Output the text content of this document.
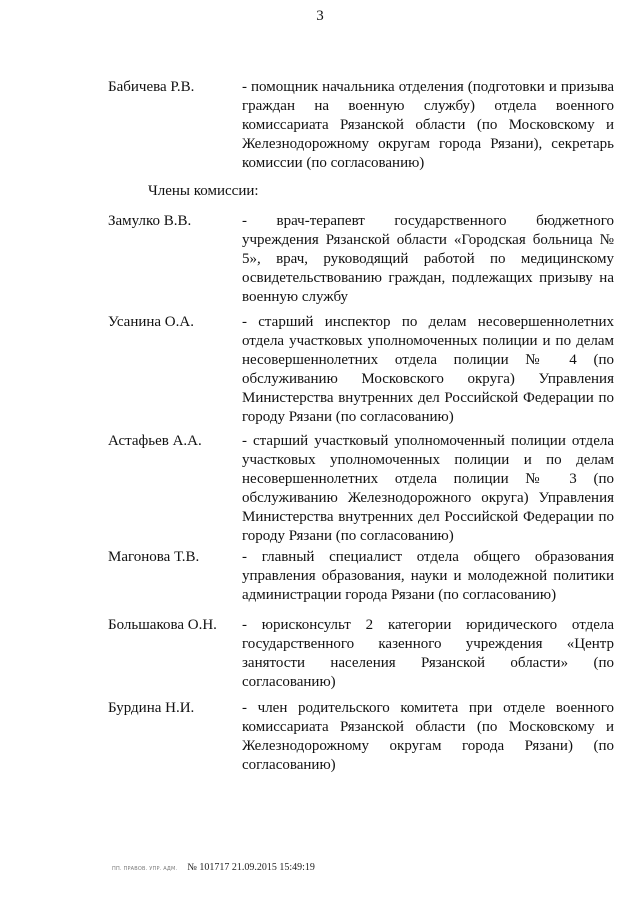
3
Бабичева Р.В.	- помощник начальника отделения (подготовки и призыва граждан на военную службу) отдела военного комиссариата Рязанской области (по Московскому и Железнодорожному округам города Рязани), секретарь комиссии (по согласованию)
Члены комиссии:
Замулко В.В.	- врач-терапевт государственного бюджетного учреждения Рязанской области «Городская больница № 5», врач, руководящий работой по медицинскому освидетельствованию граждан, подлежащих призыву на военную службу
Усанина О.А.	- старший инспектор по делам несовершеннолетних отдела участковых уполномоченных полиции и по делам несовершеннолетних отдела полиции № 4 (по обслуживанию Московского округа) Управления Министерства внутренних дел Российской Федерации по городу Рязани (по согласованию)
Астафьев А.А.	- старший участковый уполномоченный полиции отдела участковых уполномоченных полиции и по делам несовершеннолетних отдела полиции № 3 (по обслуживанию Железнодорожного округа) Управления Министерства внутренних дел Российской Федерации по городу Рязани (по согласованию)
Магонова Т.В.	- главный специалист отдела общего образования управления образования, науки и молодежной политики администрации города Рязани (по согласованию)
Большакова О.Н. - юрисконсульт 2 категории юридического отдела государственного казенного учреждения «Центр занятости населения Рязанской области» (по согласованию)
Бурдина Н.И.	- член родительского комитета при отделе военного комиссариата Рязанской области (по Московскому и Железнодорожному округам города Рязани) (по согласованию)
ПП. ПРАВОВ. УПР. АДМ. № 101717 21.09.2015 15:49:19
